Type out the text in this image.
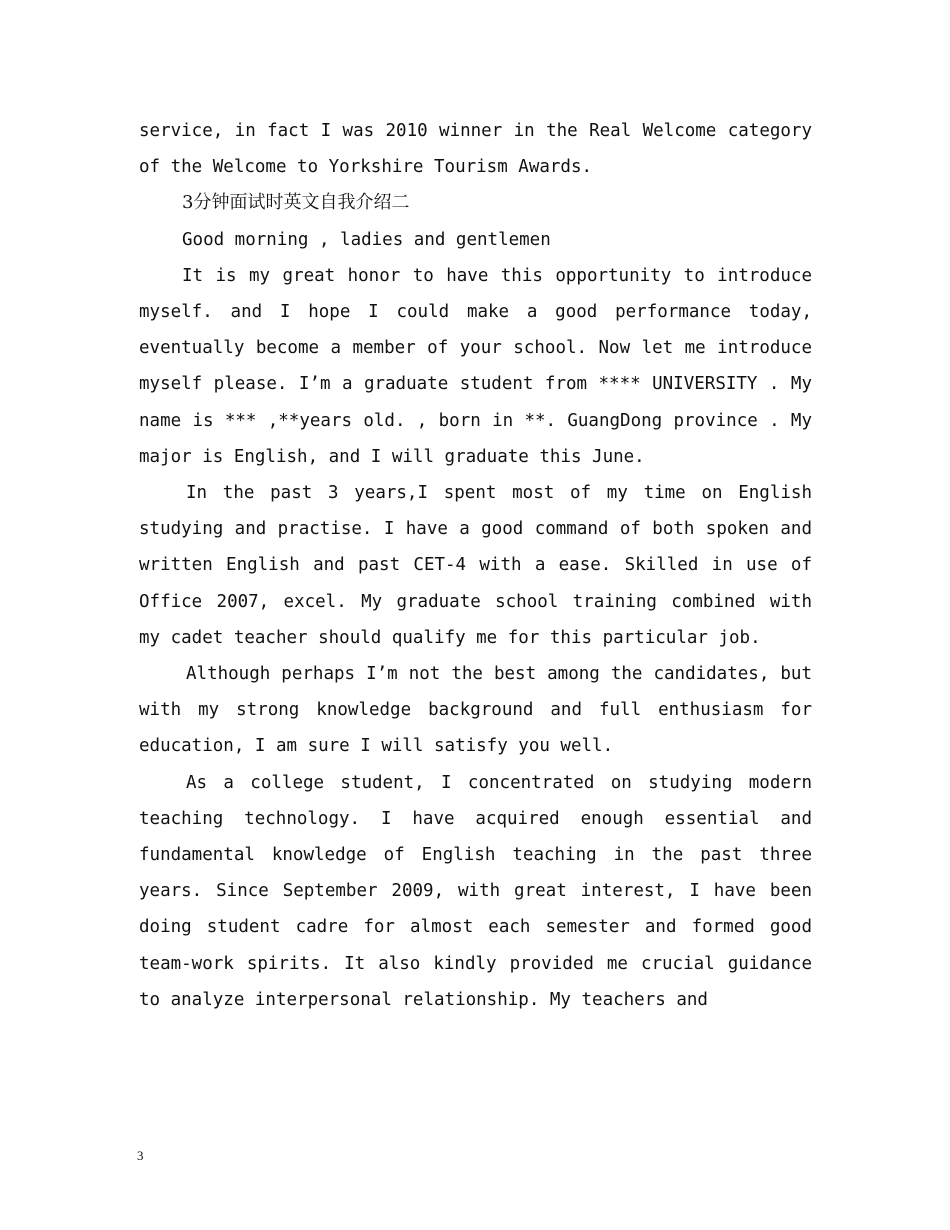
service, in fact I was 2010 winner in the Real Welcome category of the Welcome to Yorkshire Tourism Awards.

3分钟面试时英文自我介绍二

Good morning , ladies and gentlemen

It is my great honor to have this opportunity to introduce myself. and I hope I could make a good performance today, eventually become a member of your school. Now let me introduce myself please. I’m a graduate student from **** UNIVERSITY . My name is *** ,**years old. , born in **. GuangDong province . My major is English, and I will graduate this June.

In the past 3 years,I spent most of my time on English studying and practise. I have a good command of both spoken and written English and past CET-4 with a ease. Skilled in use of Office 2007, excel. My graduate school training combined with my cadet teacher should qualify me for this particular job.

Although perhaps I’m not the best among the candidates, but with my strong knowledge background and full enthusiasm for education, I am sure I will satisfy you well.

As a college student, I concentrated on studying modern teaching technology. I have acquired enough essential and fundamental knowledge of English teaching in the past three years. Since September 2009, with great interest, I have been doing student cadre for almost each semester and formed good team-work spirits. It also kindly provided me crucial guidance to analyze interpersonal relationship. My teachers and

3
